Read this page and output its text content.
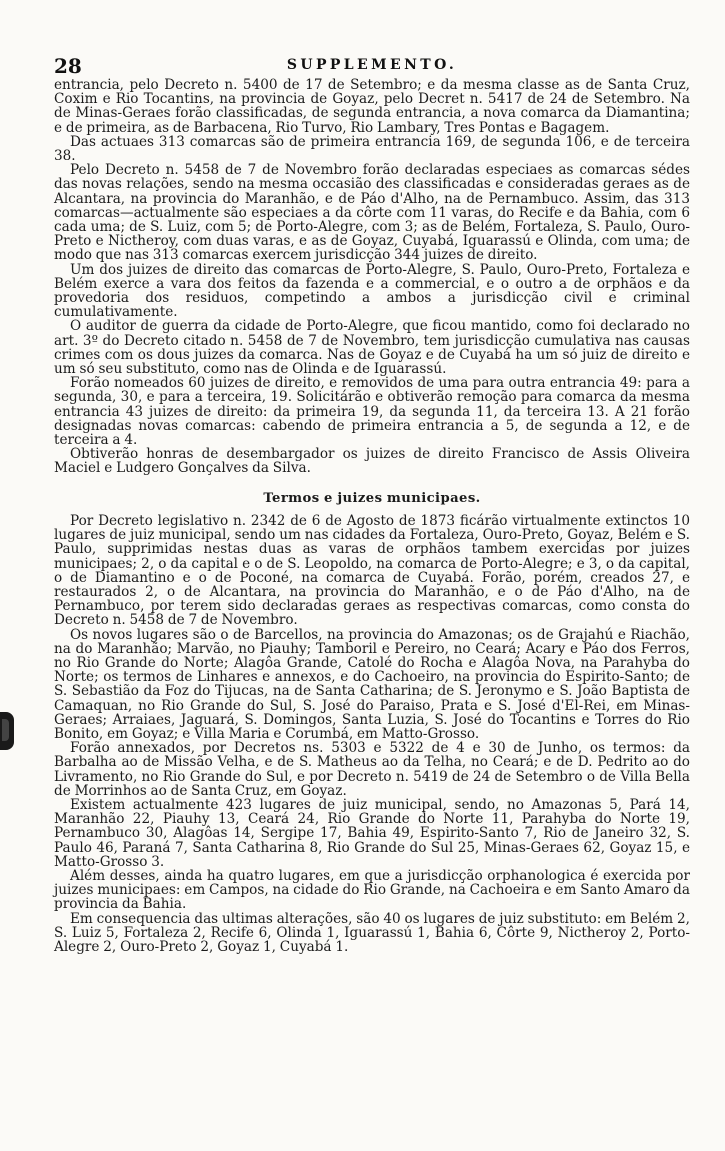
28	SUPPLEMENTO.

entrancia, pelo Decreto n. 5400 de 17 de Setembro; e da mesma classe as de Santa Cruz, Coxim e Rio Tocantins, na provincia de Goyaz, pelo Decret n. 5417 de 24 de Setembro. Na de Minas-Geraes forão classificadas, de segunda entrancia, a nova comarca da Diamantina; e de primeira, as de Barbacena, Rio Turvo, Rio Lambary, Tres Pontas e Bagagem.

Das actuaes 313 comarcas são de primeira entrancia 169, de segunda 106, e de terceira 38.

Pelo Decreto n. 5458 de 7 de Novembro forão declaradas especiaes as comarcas sédes das novas relações, sendo na mesma occasião des classificadas e consideradas geraes as de Alcantara, na provincia do Maranhão, e de Páo d'Alho, na de Pernambuco. Assim, das 313 comarcas—actualmente são especiaes a da côrte com 11 varas, do Recife e da Bahia, com 6 cada uma; de S. Luiz, com 5; de Porto-Alegre, com 3; as de Belém, Fortaleza, S. Paulo, Ouro-Preto e Nictheroy, com duas varas, e as de Goyaz, Cuyabá, Iguarassú e Olinda, com uma; de modo que nas 313 comarcas exercem jurisdicção 344 juizes de direito.

Um dos juizes de direito das comarcas de Porto-Alegre, S. Paulo, Ouro-Preto, Fortaleza e Belém exerce a vara dos feitos da fazenda e a commercial, e o outro a de orphãos e da provedoria dos residuos, competindo a ambos a jurisdicção civil e criminal cumulativamente.

O auditor de guerra da cidade de Porto-Alegre, que ficou mantido, como foi declarado no art. 3º do Decreto citado n. 5458 de 7 de Novembro, tem jurisdicção cumulativa nas causas crimes com os dous juizes da comarca. Nas de Goyaz e de Cuyabá ha um só juiz de direito e um só seu substituto, como nas de Olinda e de Iguarassú.

Forão nomeados 60 juizes de direito, e removidos de uma para outra entrancia 49: para a segunda, 30, e para a terceira, 19. Solicitárão e obtiverão remoção para comarca da mesma entrancia 43 juizes de direito: da primeira 19, da segunda 11, da terceira 13. A 21 forão designadas novas comarcas: cabendo de primeira entrancia a 5, de segunda a 12, e de terceira a 4.

Obtiverão honras de desembargador os juizes de direito Francisco de Assis Oliveira Maciel e Ludgero Gonçalves da Silva.

Termos e juizes municipaes.

Por Decreto legislativo n. 2342 de 6 de Agosto de 1873 ficárão virtualmente extinctos 10 lugares de juiz municipal, sendo um nas cidades da Fortaleza, Ouro-Preto, Goyaz, Belém e S. Paulo, supprimidas nestas duas as varas de orphãos tambem exercidas por juizes municipaes; 2, o da capital e o de S. Leopoldo, na comarca de Porto-Alegre; e 3, o da capital, o de Diamantino e o de Poconé, na comarca de Cuyabá. Forão, porém, creados 27, e restaurados 2, o de Alcantara, na provincia do Maranhão, e o de Páo d'Alho, na de Pernambuco, por terem sido declaradas geraes as respectivas comarcas, como consta do Decreto n. 5458 de 7 de Novembro.

Os novos lugares são o de Barcellos, na provincia do Amazonas; os de Grajahú e Riachão, na do Maranhão; Marvão, no Piauhy; Tamboril e Pereiro, no Ceará; Acary e Páo dos Ferros, no Rio Grande do Norte; Alagôa Grande, Catolé do Rocha e Alagôa Nova, na Parahyba do Norte; os termos de Linhares e annexos, e do Cachoeiro, na provincia do Espirito-Santo; de S. Sebastião da Foz do Tijucas, na de Santa Catharina; de S. Jeronymo e S. João Baptista de Camaquan, no Rio Grande do Sul, S. José do Paraiso, Prata e S. José d'El-Rei, em Minas-Geraes; Arraiaes, Jaguará, S. Domingos, Santa Luzia, S. José do Tocantins e Torres do Rio Bonito, em Goyaz; e Villa Maria e Corumbá, em Matto-Grosso.

Forão annexados, por Decretos ns. 5303 e 5322 de 4 e 30 de Junho, os termos: da Barbalha ao de Missão Velha, e de S. Matheus ao da Telha, no Ceará; e de D. Pedrito ao do Livramento, no Rio Grande do Sul, e por Decreto n. 5419 de 24 de Setembro o de Villa Bella de Morrinhos ao de Santa Cruz, em Goyaz.

Existem actualmente 423 lugares de juiz municipal, sendo, no Amazonas 5, Pará 14, Maranhão 22, Piauhy 13, Ceará 24, Rio Grande do Norte 11, Parahyba do Norte 19, Pernambuco 30, Alagôas 14, Sergipe 17, Bahia 49, Espirito-Santo 7, Rio de Janeiro 32, S. Paulo 46, Paraná 7, Santa Catharina 8, Rio Grande do Sul 25, Minas-Geraes 62, Goyaz 15, e Matto-Grosso 3.

Além desses, ainda ha quatro lugares, em que a jurisdicção orphanologica é exercida por juizes municipaes: em Campos, na cidade do Rio Grande, na Cachoeira e em Santo Amaro da provincia da Bahia.

Em consequencia das ultimas alterações, são 40 os lugares de juiz substituto: em Belém 2, S. Luiz 5, Fortaleza 2, Recife 6, Olinda 1, Iguarassú 1, Bahia 6, Côrte 9, Nictheroy 2, Porto-Alegre 2, Ouro-Preto 2, Goyaz 1, Cuyabá 1.
